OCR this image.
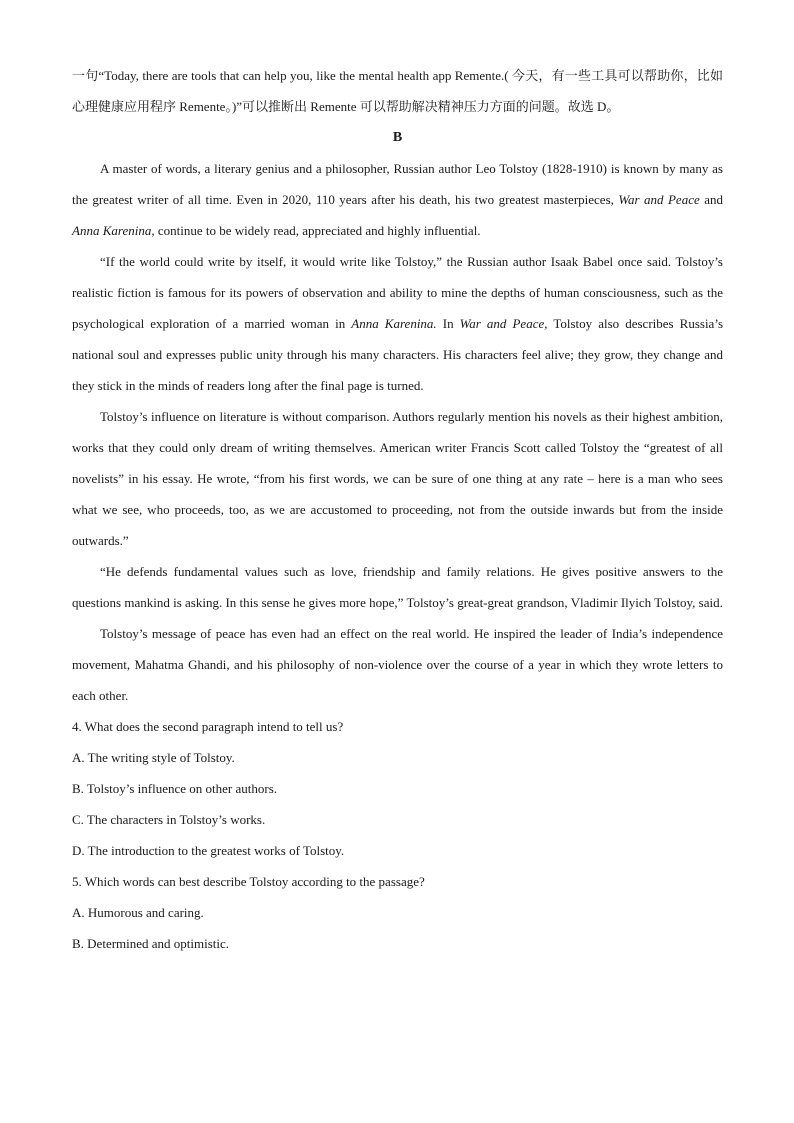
一句“Today, there are tools that can help you, like the mental health app Remente.( 今天，有一些工具可以帮助你，比如心理健康应用程序 Remente。)”可以推断出 Remente 可以帮助解决精神压力方面的问题。故选 D。

B

A master of words, a literary genius and a philosopher, Russian author Leo Tolstoy (1828-1910) is known by many as the greatest writer of all time. Even in 2020, 110 years after his death, his two greatest masterpieces, War and Peace and Anna Karenina, continue to be widely read, appreciated and highly influential.

“If the world could write by itself, it would write like Tolstoy,” the Russian author Isaak Babel once said. Tolstoy’s realistic fiction is famous for its powers of observation and ability to mine the depths of human consciousness, such as the psychological exploration of a married woman in Anna Karenina. In War and Peace, Tolstoy also describes Russia’s national soul and expresses public unity through his many characters. His characters feel alive; they grow, they change and they stick in the minds of readers long after the final page is turned.

Tolstoy’s influence on literature is without comparison. Authors regularly mention his novels as their highest ambition, works that they could only dream of writing themselves. American writer Francis Scott called Tolstoy the “greatest of all novelists” in his essay. He wrote, “from his first words, we can be sure of one thing at any rate – here is a man who sees what we see, who proceeds, too, as we are accustomed to proceeding, not from the outside inwards but from the inside outwards.”

“He defends fundamental values such as love, friendship and family relations. He gives positive answers to the questions mankind is asking. In this sense he gives more hope,” Tolstoy’s great-great grandson, Vladimir Ilyich Tolstoy, said.

Tolstoy’s message of peace has even had an effect on the real world. He inspired the leader of India’s independence movement, Mahatma Ghandi, and his philosophy of non-violence over the course of a year in which they wrote letters to each other.

4. What does the second paragraph intend to tell us?

A. The writing style of Tolstoy.

B. Tolstoy’s influence on other authors.

C. The characters in Tolstoy’s works.

D. The introduction to the greatest works of Tolstoy.

5. Which words can best describe Tolstoy according to the passage?

A. Humorous and caring.

B. Determined and optimistic.
